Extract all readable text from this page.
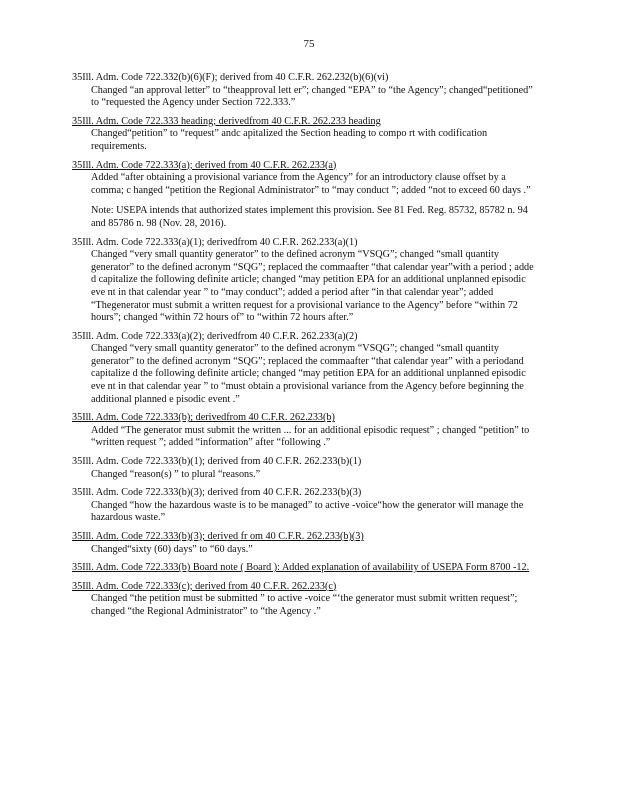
75
35Ill. Adm. Code 722.332(b)(6)(F); derived from 40 C.F.R. 262.232(b)(6)(vi)
Changed “an approval letter” to “theapproval lett er”; changed “EPA” to “the Agency”; changed“petitioned” to “requested the Agency under Section 722.333.”
35Ill. Adm. Code 722.333 heading; derivedfrom 40 C.F.R. 262.233 heading
Changed“petition” to “request” andc apitalized the Section heading to compo rt with codification requirements.
35Ill. Adm. Code 722.333(a); derived from 40 C.F.R. 262.233(a)
Added “after obtaining a provisional variance from the Agency” for an introductory clause offset by a comma; c hanged “petition the Regional Administrator” to “may conduct ”; added “not to exceed 60 days .”
Note: USEPA intends that authorized states implement this provision. See 81 Fed. Reg. 85732, 85782 n. 94 and 85786 n. 98 (Nov. 28, 2016).
35Ill. Adm. Code 722.333(a)(1); derivedfrom 40 C.F.R. 262.233(a)(1)
Changed “very small quantity generator” to the defined acronym “VSQG”; changed “small quantity generator” to the defined acronym “SQG”; replaced the commaafter “that calendar year”with a period ; adde d capitalize the following definite article; changed “may petition EPA for an additional unplanned episodic eve nt in that calendar year ” to “may conduct”; added a period after “in that calendar year”; added “Thegenerator must submit a written request for a provisional variance to the Agency” before “within 72 hours”; changed “within 72 hours of” to “within 72 hours after.”
35Ill. Adm. Code 722.333(a)(2); derivedfrom 40 C.F.R. 262.233(a)(2)
Changed “very small quantity generator” to the defined acronym “VSQG”; changed “small quantity generator” to the defined acronym “SQG”; replaced the commaafter “that calendar year” with a periodand capitalize d the following definite article; changed “may petition EPA for an additional unplanned episodic eve nt in that calendar year ” to “must obtain a provisional variance from the Agency before beginning the additional planned e pisodic event .”
35Ill. Adm. Code 722.333(b); derivedfrom 40 C.F.R. 262.233(b)
Added “The generator must submit the written ... for an additional episodic request” ; changed “petition” to “written request ”; added “information” after “following .”
35Ill. Adm. Code 722.333(b)(1); derived from 40 C.F.R. 262.233(b)(1)
Changed “reason(s) ” to plural “reasons.”
35Ill. Adm. Code 722.333(b)(3); derived from 40 C.F.R. 262.233(b)(3)
Changed “how the hazardous waste is to be managed” to active -voice“how the generator will manage the hazardous waste.”
35Ill. Adm. Code 722.333(b)(3); derived fr om 40 C.F.R. 262.233(b)(3)
Changed“sixty (60) days” to “60 days.”
35Ill. Adm. Code 722.333(b) Board note ( Board ): Added explanation of availability of USEPA Form 8700 -12.
35Ill. Adm. Code 722.333(c); derived from 40 C.F.R. 262.233(c)
Changed “the petition must be submitted ” to active -voice “‘the generator must submit written request”; changed “the Regional Administrator” to “the Agency .”
